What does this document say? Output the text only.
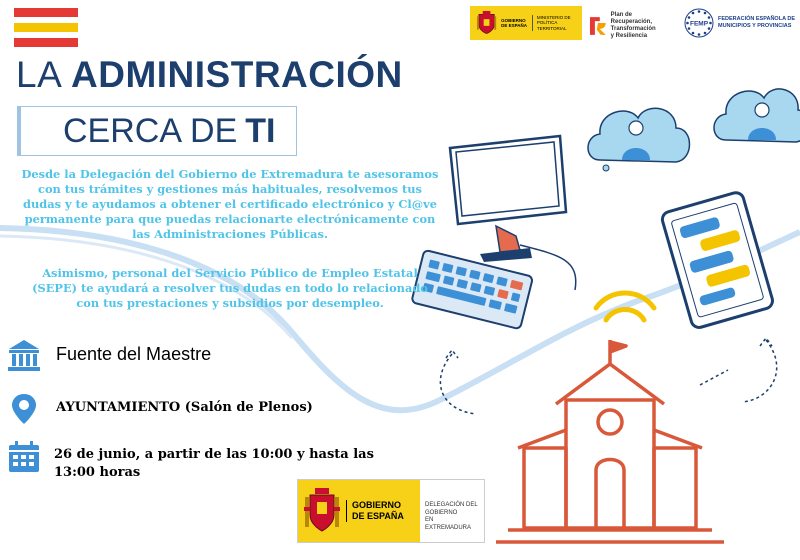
GOBIERNO DE ESPAÑA
MINISTERIO DE POLÍTICA TERRITORIAL
Plan de Recuperación,
Transformación
y Resiliencia
FEMP
FEDERACIÓN ESPAÑOLA DE
MUNICIPIOS Y PROVINCIAS
LA ADMINISTRACIÓN
CERCA DE TI

Desde la Delegación del Gobierno de Extremadura te asesoramos con tus trámites y gestiones más habituales, resolvemos tus dudas y te ayudamos a obtener el certificado electrónico y Cl@ve permanente para que puedas relacionarte electrónicamente con las Administraciones Públicas.

Asimismo, personal del Servicio Público de Empleo Estatal (SEPE) te ayudará a resolver tus dudas en todo lo relacionado con tus prestaciones y subsidios por desempleo.

Fuente del Maestre
AYUNTAMIENTO (Salón de Plenos)
26 de junio, a partir de las 10:00 y hasta las 13:00 horas
GOBIERNO
DE ESPAÑA
DELEGACIÓN DEL
GOBIERNO
EN EXTREMADURA
